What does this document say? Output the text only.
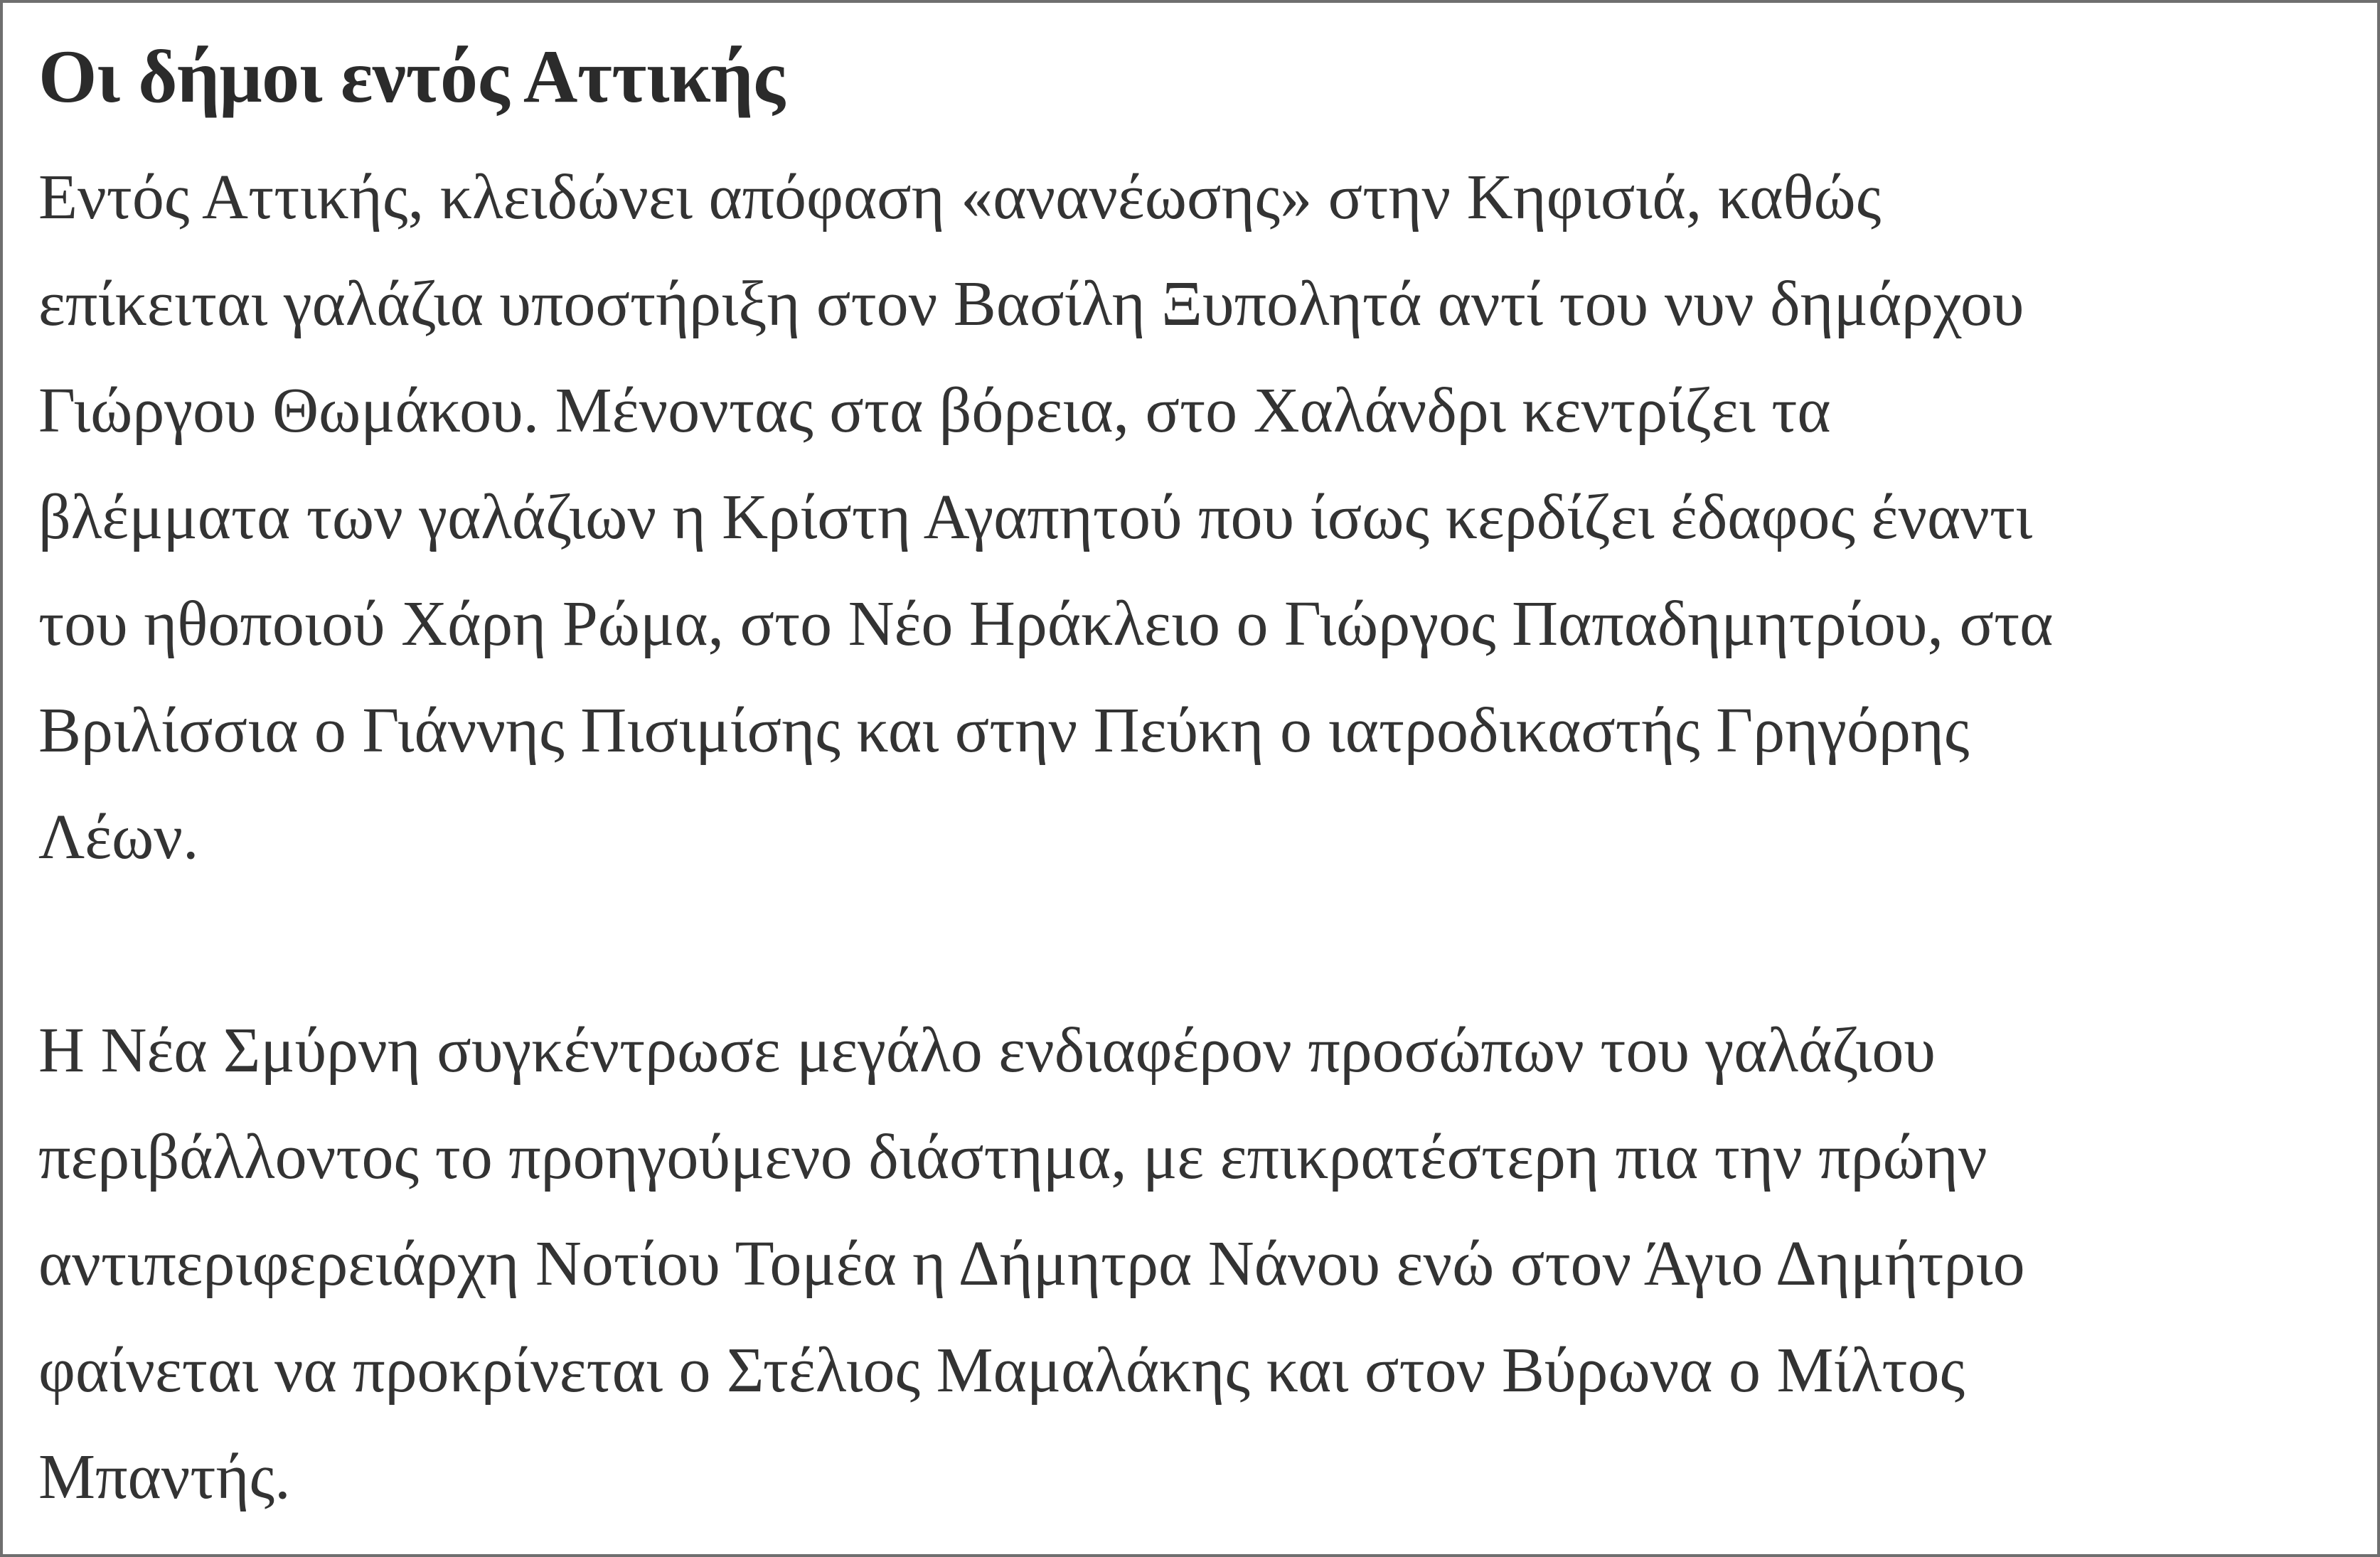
Οι δήμοι εντός Αττικής

Εντός Αττικής, κλειδώνει απόφαση «ανανέωσης» στην Κηφισιά, καθώς
επίκειται γαλάζια υποστήριξη στον Βασίλη Ξυπολητά αντί του νυν δημάρχου
Γιώργου Θωμάκου. Μένοντας στα βόρεια, στο Χαλάνδρι κεντρίζει τα
βλέμματα των γαλάζιων η Κρίστη Αγαπητού που ίσως κερδίζει έδαφος έναντι
του ηθοποιού Χάρη Ρώμα, στο Νέο Ηράκλειο ο Γιώργος Παπαδημητρίου, στα
Βριλίσσια ο Γιάννης Πισιμίσης και στην Πεύκη ο ιατροδικαστής Γρηγόρης
Λέων.

Η Νέα Σμύρνη συγκέντρωσε μεγάλο ενδιαφέρον προσώπων του γαλάζιου
περιβάλλοντος το προηγούμενο διάστημα, με επικρατέστερη πια την πρώην
αντιπεριφερειάρχη Νοτίου Τομέα η Δήμητρα Νάνου ενώ στον Άγιο Δημήτριο
φαίνεται να προκρίνεται ο Στέλιος Μαμαλάκης και στον Βύρωνα ο Μίλτος
Μπαντής.
